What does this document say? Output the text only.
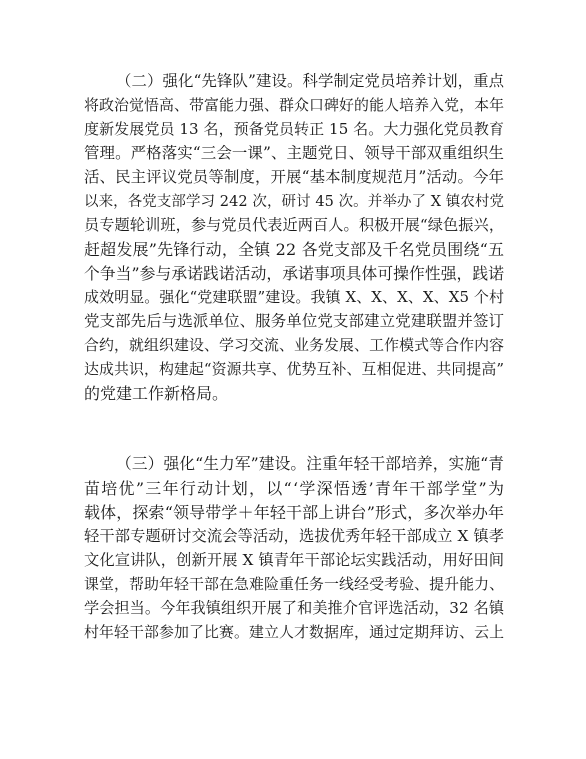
（二）强化“先锋队”建设。科学制定党员培养计划，重点
将政治觉悟高、带富能力强、群众口碑好的能人培养入党，本年
度新发展党员 13 名，预备党员转正 15 名。大力强化党员教育
管理。严格落实“三会一课”、主题党日、领导干部双重组织生
活、民主评议党员等制度，开展“基本制度规范月”活动。今年
以来，各党支部学习 242 次，研讨 45 次。并举办了 X 镇农村党
员专题轮训班，参与党员代表近两百人。积极开展“绿色振兴，
赶超发展”先锋行动，全镇 22 各党支部及千名党员围绕“五
个争当”参与承诺践诺活动，承诺事项具体可操作性强，践诺
成效明显。强化“党建联盟”建设。我镇 X、X、X、X、X5 个村
党支部先后与选派单位、服务单位党支部建立党建联盟并签订
合约，就组织建设、学习交流、业务发展、工作模式等合作内容
达成共识，构建起“资源共享、优势互补、互相促进、共同提高”
的党建工作新格局。
（三）强化“生力军”建设。注重年轻干部培养，实施“青
苗培优”三年行动计划，以“‘学深悟透’青年干部学堂”为
载体，探索“领导带学＋年轻干部上讲台”形式，多次举办年
轻干部专题研讨交流会等活动，选拔优秀年轻干部成立 X 镇孝
文化宣讲队，创新开展 X 镇青年干部论坛实践活动，用好田间
课堂，帮助年轻干部在急难险重任务一线经受考验、提升能力、
学会担当。今年我镇组织开展了和美推介官评选活动，32 名镇
村年轻干部参加了比赛。建立人才数据库，通过定期拜访、云上
